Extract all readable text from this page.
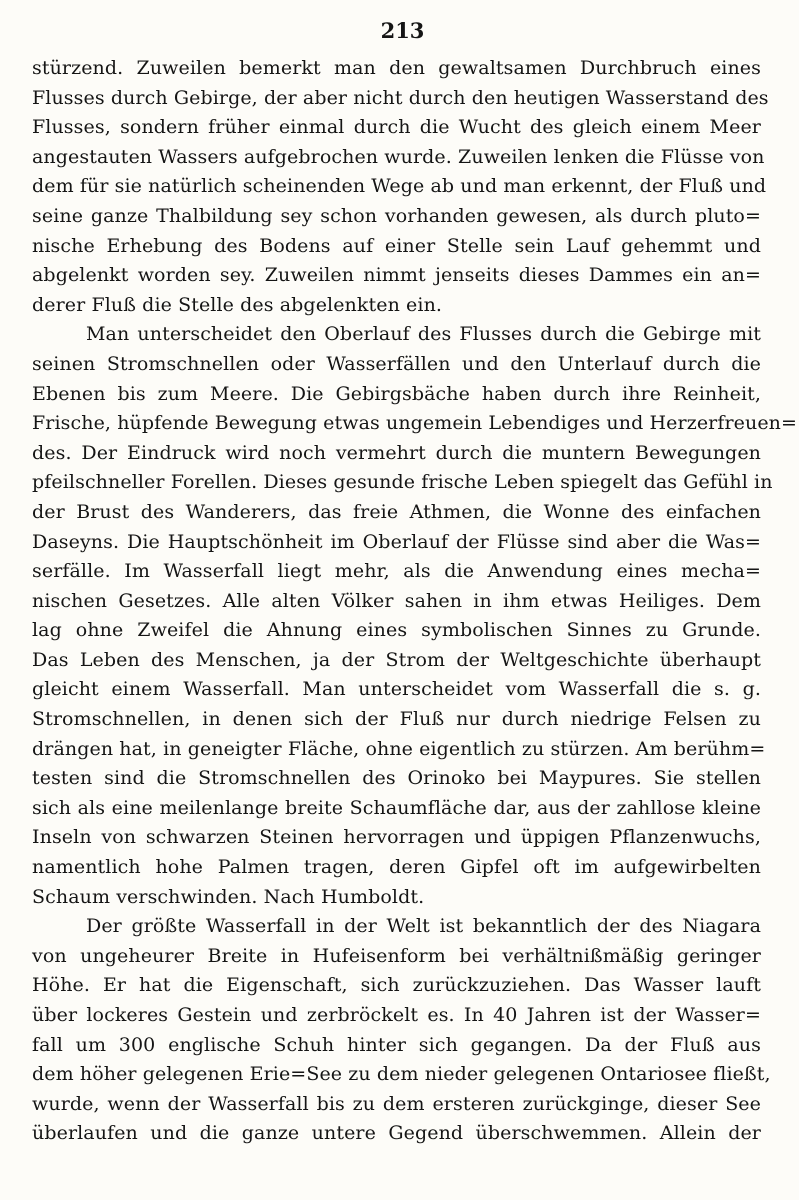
213
stürzend. Zuweilen bemerkt man den gewaltsamen Durchbruch eines
Flusses durch Gebirge, der aber nicht durch den heutigen Wasserstand des
Flusses, sondern früher einmal durch die Wucht des gleich einem Meer
angestauten Wassers aufgebrochen wurde. Zuweilen lenken die Flüsse von
dem für sie natürlich scheinenden Wege ab und man erkennt, der Fluß und
seine ganze Thalbildung sey schon vorhanden gewesen, als durch pluto=
nische Erhebung des Bodens auf einer Stelle sein Lauf gehemmt und
abgelenkt worden sey. Zuweilen nimmt jenseits dieses Dammes ein an=
derer Fluß die Stelle des abgelenkten ein.
Man unterscheidet den Oberlauf des Flusses durch die Gebirge mit
seinen Stromschnellen oder Wasserfällen und den Unterlauf durch die
Ebenen bis zum Meere. Die Gebirgsbäche haben durch ihre Reinheit,
Frische, hüpfende Bewegung etwas ungemein Lebendiges und Herzerfreuen=
des. Der Eindruck wird noch vermehrt durch die muntern Bewegungen
pfeilschneller Forellen. Dieses gesunde frische Leben spiegelt das Gefühl in
der Brust des Wanderers, das freie Athmen, die Wonne des einfachen
Daseyns. Die Hauptschönheit im Oberlauf der Flüsse sind aber die Was=
serfälle. Im Wasserfall liegt mehr, als die Anwendung eines mecha=
nischen Gesetzes. Alle alten Völker sahen in ihm etwas Heiliges. Dem
lag ohne Zweifel die Ahnung eines symbolischen Sinnes zu Grunde.
Das Leben des Menschen, ja der Strom der Weltgeschichte überhaupt
gleicht einem Wasserfall. Man unterscheidet vom Wasserfall die s. g.
Stromschnellen, in denen sich der Fluß nur durch niedrige Felsen zu
drängen hat, in geneigter Fläche, ohne eigentlich zu stürzen. Am berühm=
testen sind die Stromschnellen des Orinoko bei Maypures. Sie stellen
sich als eine meilenlange breite Schaumfläche dar, aus der zahllose kleine
Inseln von schwarzen Steinen hervorragen und üppigen Pflanzenwuchs,
namentlich hohe Palmen tragen, deren Gipfel oft im aufgewirbelten
Schaum verschwinden. Nach Humboldt.
Der größte Wasserfall in der Welt ist bekanntlich der des Niagara
von ungeheurer Breite in Hufeisenform bei verhältnißmäßig geringer
Höhe. Er hat die Eigenschaft, sich zurückzuziehen. Das Wasser lauft
über lockeres Gestein und zerbröckelt es. In 40 Jahren ist der Wasser=
fall um 300 englische Schuh hinter sich gegangen. Da der Fluß aus
dem höher gelegenen Erie=See zu dem nieder gelegenen Ontariosee fließt,
wurde, wenn der Wasserfall bis zu dem ersteren zurückginge, dieser See
überlaufen und die ganze untere Gegend überschwemmen. Allein der
